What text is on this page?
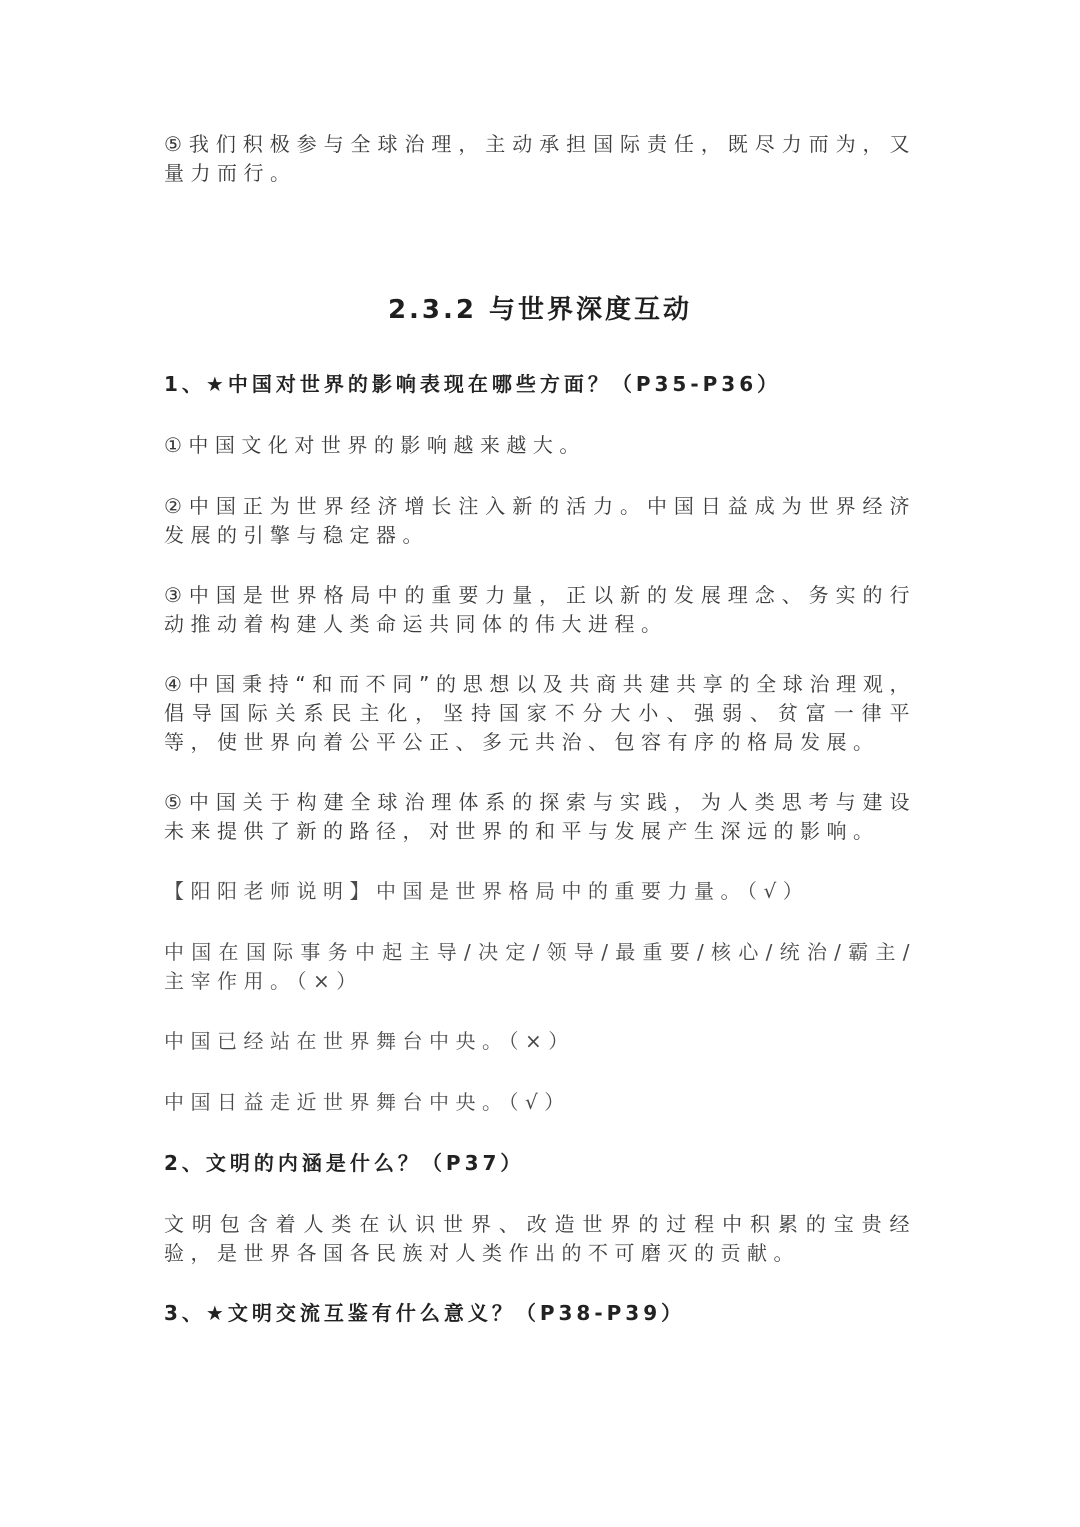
⑤我们积极参与全球治理，主动承担国际责任，既尽力而为，又量力而行。

2.3.2 与世界深度互动
1、★中国对世界的影响表现在哪些方面？（P35-P36）

①中国文化对世界的影响越来越大。

②中国正为世界经济增长注入新的活力。中国日益成为世界经济发展的引擎与稳定器。

③中国是世界格局中的重要力量，正以新的发展理念、务实的行动推动着构建人类命运共同体的伟大进程。

④中国秉持“和而不同”的思想以及共商共建共享的全球治理观，倡导国际关系民主化，坚持国家不分大小、强弱、贫富一律平等，使世界向着公平公正、多元共治、包容有序的格局发展。

⑤中国关于构建全球治理体系的探索与实践，为人类思考与建设未来提供了新的路径，对世界的和平与发展产生深远的影响。

【阳阳老师说明】中国是世界格局中的重要力量。（√）

中国在国际事务中起主导/决定/领导/最重要/核心/统治/霸主/主宰作用。（×）

中国已经站在世界舞台中央。（×）

中国日益走近世界舞台中央。（√）

2、文明的内涵是什么？（P37）

文明包含着人类在认识世界、改造世界的过程中积累的宝贵经验，是世界各国各民族对人类作出的不可磨灭的贡献。

3、★文明交流互鉴有什么意义？（P38-P39）
